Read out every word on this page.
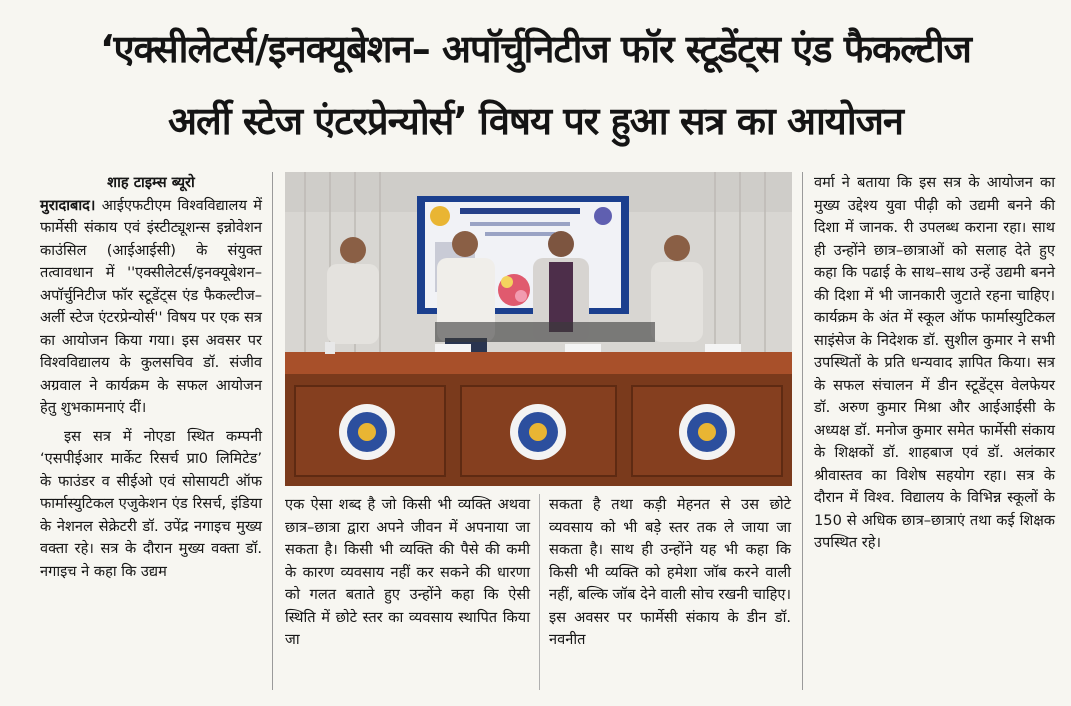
‘एक्सीलेटर्स/इनक्यूबेशन– अपॉर्चुनिटीज फॉर स्टूडेंट्स एंड फैकल्टीज
अर्ली स्टेज एंटरप्रेन्योर्स’ विषय पर हुआ सत्र का आयोजन

शाह टाइम्स ब्यूरो

मुरादाबाद। आईएफटीएम विश्वविद्यालय में फार्मेसी संकाय एवं इंस्टीट्यूशन्स इन्नोवेशन काउंसिल (आईआईसी) के संयुक्त तत्वावधान में ''एक्सीलेटर्स/इनक्यूबेशन– अपॉर्चुनिटीज फॉर स्टूडेंट्स एंड फैकल्टीज– अर्ली स्टेज एंटरप्रेन्योर्स'' विषय पर एक सत्र का आयोजन किया गया। इस अवसर पर विश्वविद्यालय के कुलसचिव डॉ. संजीव अग्रवाल ने कार्यक्रम के सफल आयोजन हेतु शुभकामनाएं दीं।

इस सत्र में नोएडा स्थित कम्पनी ‘एसपीईआर मार्केट रिसर्च प्रा0 लिमिटेड’ के फाउंडर व सीईओ एवं सोसायटी ऑफ फार्मास्युटिकल एजुकेशन एंड रिसर्च, इंडिया के नेशनल सेक्रेटरी डॉ. उपेंद्र नगाइच मुख्य वक्ता रहे। सत्र के दौरान मुख्य वक्ता डॉ. नगाइच ने कहा कि उद्यम

एक ऐसा शब्द है जो किसी भी व्यक्ति अथवा छात्र–छात्रा द्वारा अपने जीवन में अपनाया जा सकता है। किसी भी व्यक्ति की पैसे की कमी के कारण व्यवसाय नहीं कर सकने की धारणा को गलत बताते हुए उन्होंने कहा कि ऐसी स्थिति में छोटे स्तर का व्यवसाय स्थापित किया जा

सकता है तथा कड़ी मेहनत से उस छोटे व्यवसाय को भी बड़ेे स्तर तक ले जाया जा सकता है। साथ ही उन्होंने यह भी कहा कि किसी भी व्यक्ति को हमेशा जॉब करने वाली नहीं, बल्कि जॉब देने वाली सोच रखनी चाहिए। इस अवसर पर फार्मेसी संकाय के डीन डॉ. नवनीत

वर्मा ने बताया कि इस सत्र के आयोजन का मुख्य उद्देश्य युवा पीढ़ी को उद्यमी बनने की दिशा में जानक. री उपलब्ध कराना रहा। साथ ही उन्होंने छात्र–छात्राओं को सलाह देते हुए कहा कि पढाई के साथ–साथ उन्हें उद्यमी बनने की दिशा में भी जानकारी जुटाते रहना चाहिए। कार्यक्रम के अंत में स्कूल ऑफ फार्मास्युटिकल साइंसेज के निदेशक डॉ. सुशील कुमार ने सभी उपस्थितों के प्रति धन्यवाद ज्ञापित किया। सत्र के सफल संचालन में डीन स्टूडेंट्स वेलफेयर डॉ. अरुण कुमार मिश्रा और आईआईसी के अध्यक्ष डॉ. मनोज कुमार समेत फार्मेसी संकाय के शिक्षकों डॉ. शाहबाज एवं डॉ. अलंकार श्रीवास्तव का विशेष सहयोग रहा। सत्र के दौरान में विश्व. विद्यालय के विभिन्न स्कूलों के 150 से अधिक छात्र–छात्राएं तथा कई शिक्षक उपस्थित रहे।
